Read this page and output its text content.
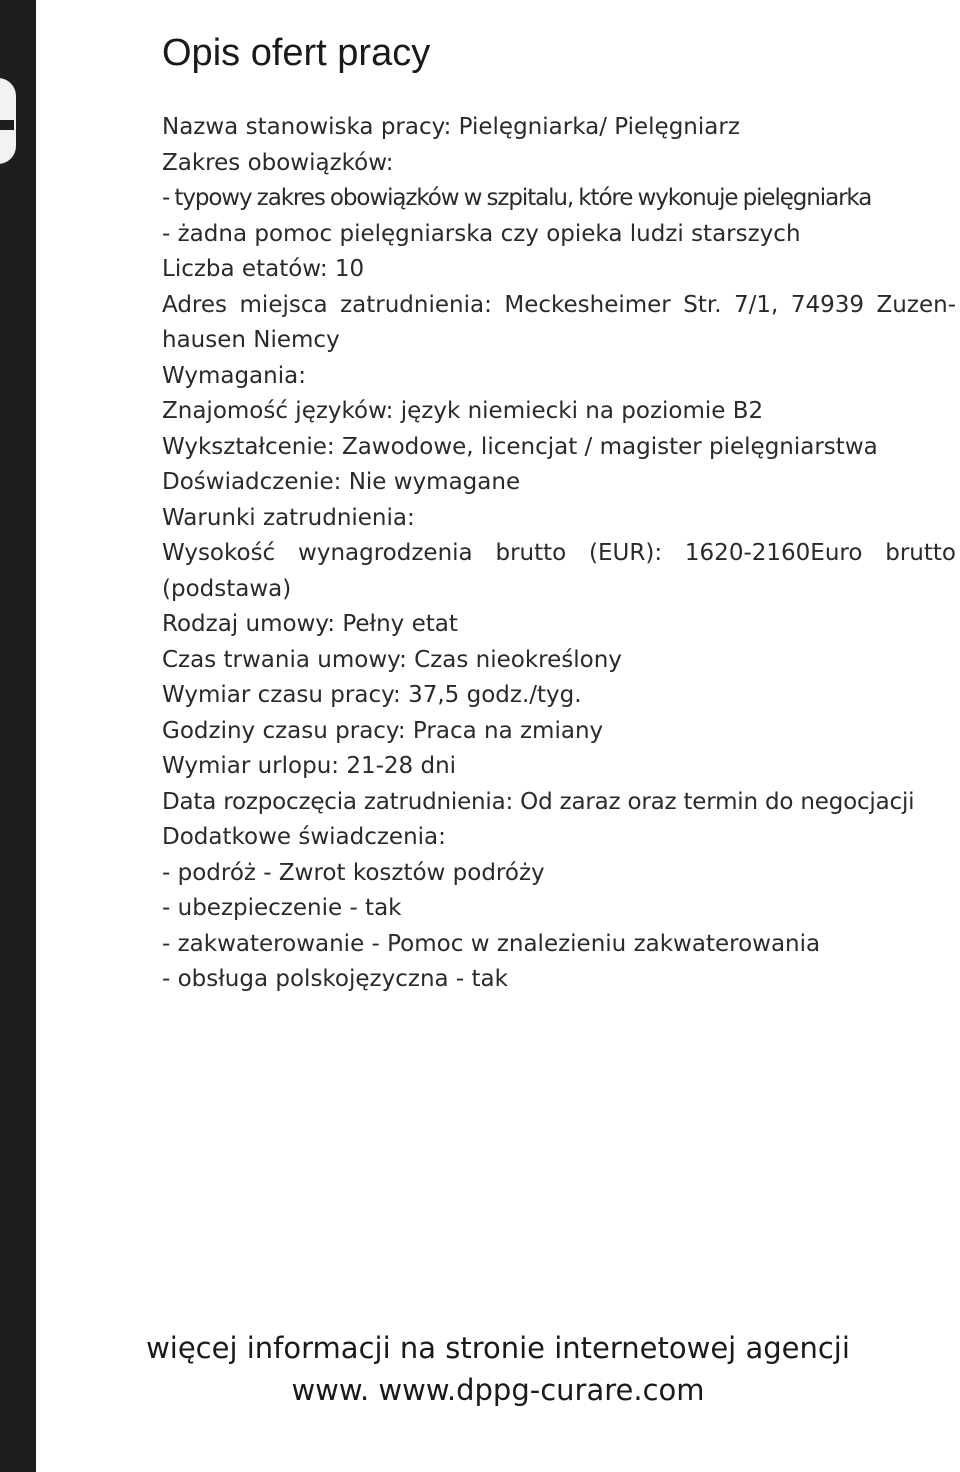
Opis ofert pracy
Nazwa stanowiska pracy: Pielęgniarka/ Pielęgniarz
Zakres obowiązków:
- typowy zakres obowiązków w szpitalu, które wykonuje pielęgniarka
- żadna pomoc pielęgniarska czy opieka ludzi starszych
Liczba etatów: 10
Adres miejsca zatrudnienia: Meckesheimer Str. 7/1, 74939 Zuzen-hausen Niemcy
Wymagania:
Znajomość języków: język niemiecki na poziomie B2
Wykształcenie: Zawodowe, licencjat / magister pielęgniarstwa
Doświadczenie: Nie wymagane
Warunki zatrudnienia:
Wysokość wynagrodzenia brutto (EUR): 1620-2160Euro brutto (podstawa)
Rodzaj umowy: Pełny etat
Czas trwania umowy: Czas nieokreślony
Wymiar czasu pracy: 37,5 godz./tyg.
Godziny czasu pracy: Praca na zmiany
Wymiar urlopu: 21-28 dni
Data rozpoczęcia zatrudnienia: Od zaraz oraz termin do negocjacji
Dodatkowe świadczenia:
- podróż - Zwrot kosztów podróży
- ubezpieczenie - tak
- zakwaterowanie - Pomoc w znalezieniu zakwaterowania
- obsługa polskojęzyczna - tak
więcej informacji na stronie internetowej agencji
www. www.dppg-curare.com
